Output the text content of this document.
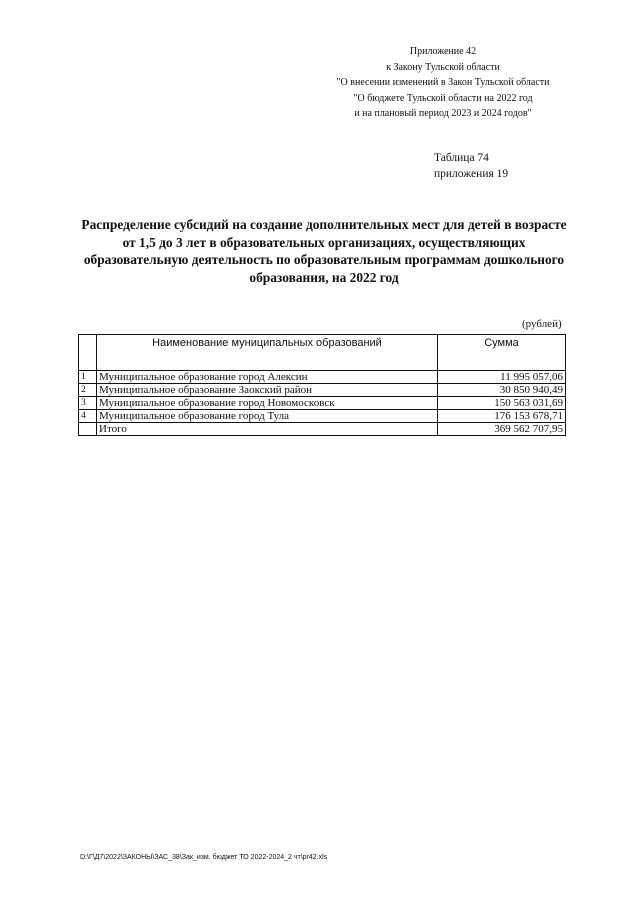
Приложение 42
к Закону Тульской области
"О внесении изменений в Закон Тульской области
"О бюджете Тульской области на 2022 год
и на плановый период 2023 и 2024 годов"
Таблица 74
приложения 19
Распределение субсидий на создание дополнительных мест для детей в возрасте
от 1,5 до 3 лет в образовательных организациях, осуществляющих
образовательную деятельность по образовательным программам дошкольного
образования, на 2022 год
(рублей)
	Наименование муниципальных образований	Сумма
1	Муниципальное образование город Алексин	11 995 057,06
2	Муниципальное образование Заокский район	30 850 940,49
3	Муниципальное образование город Новомосковск	150 563 031,69
4	Муниципальное образование город Тула	176 153 678,71
	Итого	369 562 707,95
D:\Г\Д7\2022\ЗАКОНЫ\ЗАС_38\Зак_изм. бюджет ТО 2022-2024_2 чт\pr42.xls
